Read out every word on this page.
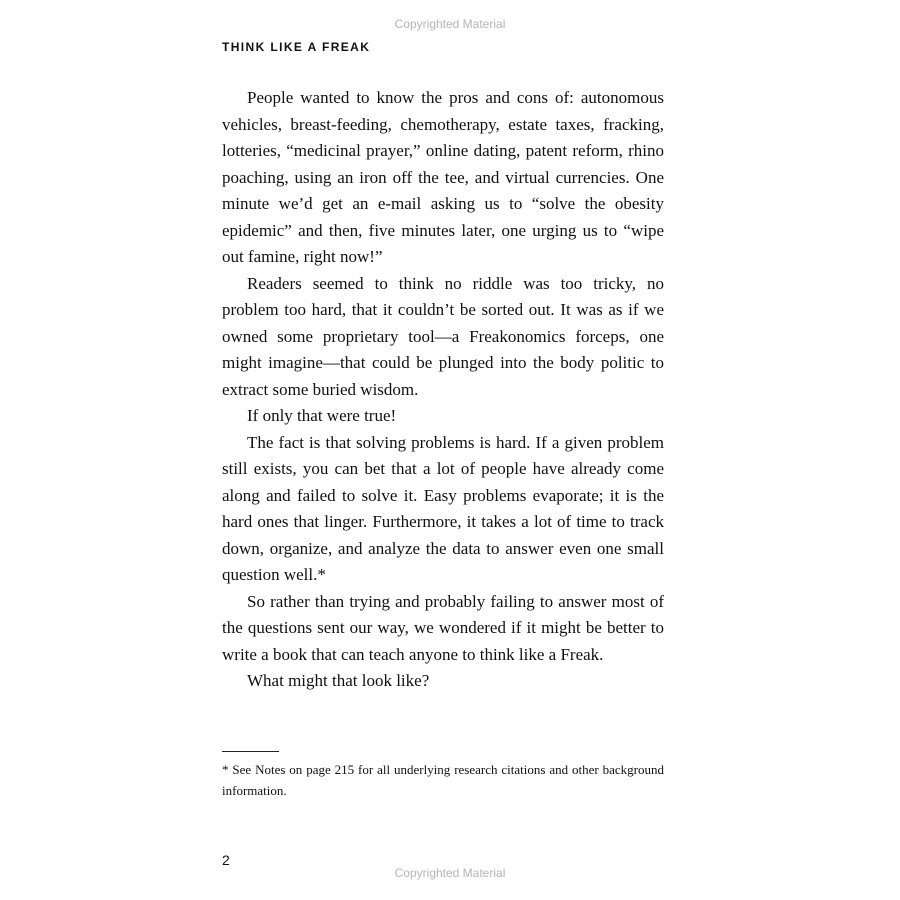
Copyrighted Material
THINK LIKE A FREAK

People wanted to know the pros and cons of: autonomous vehicles, breast-feeding, chemotherapy, estate taxes, fracking, lotteries, “medicinal prayer,” online dating, patent reform, rhino poaching, using an iron off the tee, and virtual currencies. One minute we’d get an e-mail asking us to “solve the obesity epidemic” and then, five minutes later, one urging us to “wipe out famine, right now!”

Readers seemed to think no riddle was too tricky, no problem too hard, that it couldn’t be sorted out. It was as if we owned some proprietary tool—a Freakonomics forceps, one might imagine—that could be plunged into the body politic to extract some buried wisdom.

If only that were true!

The fact is that solving problems is hard. If a given problem still exists, you can bet that a lot of people have already come along and failed to solve it. Easy problems evaporate; it is the hard ones that linger. Furthermore, it takes a lot of time to track down, organize, and analyze the data to answer even one small question well.*

So rather than trying and probably failing to answer most of the questions sent our way, we wondered if it might be better to write a book that can teach anyone to think like a Freak.

What might that look like?

* See Notes on page 215 for all underlying research citations and other background information.
2
Copyrighted Material
